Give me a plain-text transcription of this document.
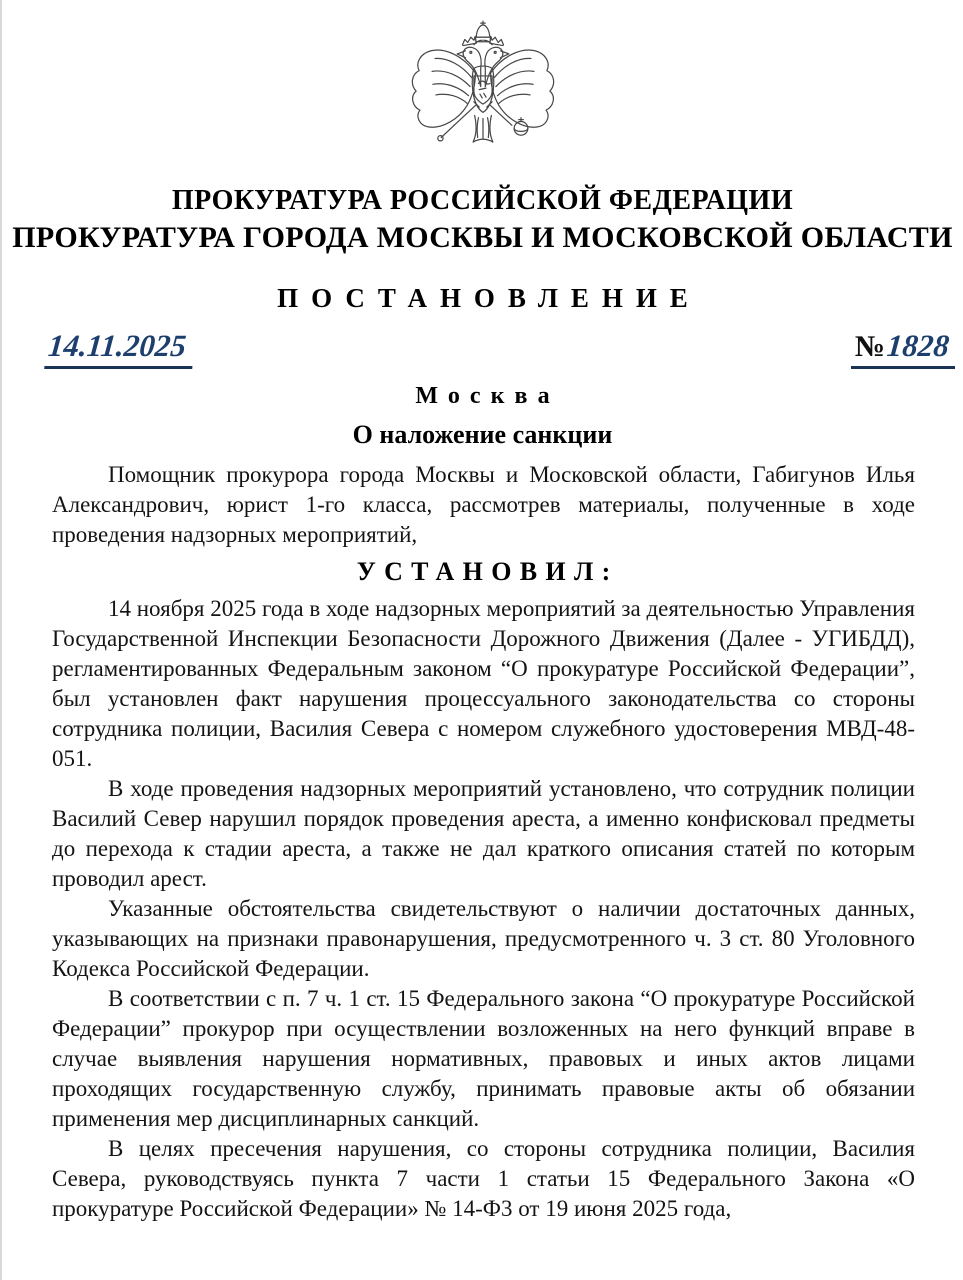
ПРОКУРАТУРА РОССИЙСКОЙ ФЕДЕРАЦИИ
ПРОКУРАТУРА ГОРОДА МОСКВЫ И МОСКОВСКОЙ ОБЛАСТИ
ПОСТАНОВЛЕНИЕ
14.11.2025	№1828
Москва
О наложение санкции

Помощник прокурора города Москвы и Московской области, Габигунов Илья Александрович, юрист 1-го класса, рассмотрев материалы, полученные в ходе проведения надзорных мероприятий,

УСТАНОВИЛ:

14 ноября 2025 года в ходе надзорных мероприятий за деятельностью Управления Государственной Инспекции Безопасности Дорожного Движения (Далее - УГИБДД), регламентированных Федеральным законом “О прокуратуре Российской Федерации”, был установлен факт нарушения процессуального законодательства со стороны сотрудника полиции, Василия Севера с номером служебного удостоверения МВД-48-051.

В ходе проведения надзорных мероприятий установлено, что сотрудник полиции Василий Север нарушил порядок проведения ареста, а именно конфисковал предметы до перехода к стадии ареста, а также не дал краткого описания статей по которым проводил арест.

Указанные обстоятельства свидетельствуют о наличии достаточных данных, указывающих на признаки правонарушения, предусмотренного ч. 3 ст. 80 Уголовного Кодекса Российской Федерации.

В соответствии с п. 7 ч. 1 ст. 15 Федерального закона “О прокуратуре Российской Федерации” прокурор при осуществлении возложенных на него функций вправе в случае выявления нарушения нормативных, правовых и иных актов лицами проходящих государственную службу, принимать правовые акты об обязании применения мер дисциплинарных санкций.

В целях пресечения нарушения, со стороны сотрудника полиции, Василия Севера, руководствуясь пункта 7 части 1 статьи 15 Федерального Закона «О прокуратуре Российской Федерации» № 14-Ф3 от 19 июня 2025 года,
